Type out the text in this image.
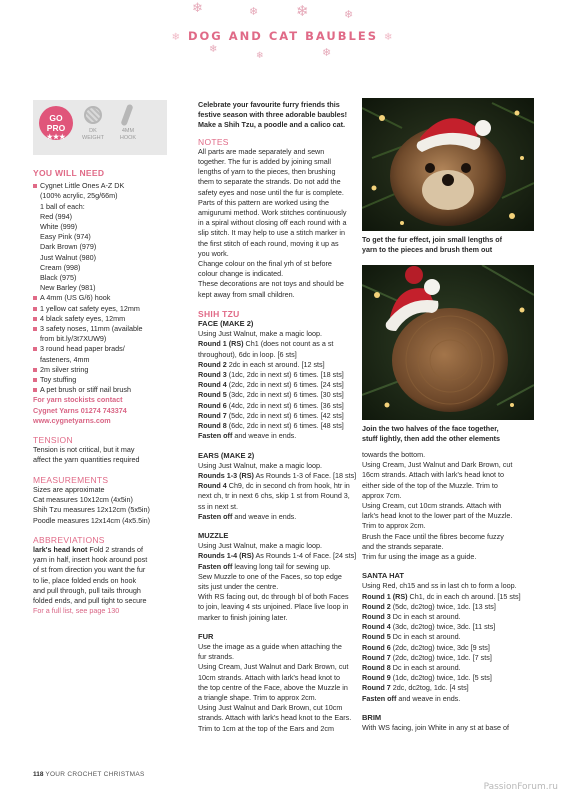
❄	❄	❄	❄
❄	❄	❄
❄ DOG AND CAT BAUBLES ❄
GO
PRO
★★★
DK
WEIGHT
4MM
HOOK
YOU WILL NEED
Cygnet Little Ones A-Z DK
(100% acrylic, 25g/66m)
1 ball of each:
Red (994)
White (999)
Easy Pink (974)
Dark Brown (979)
Just Walnut (980)
Cream (998)
Black (975)
New Barley (981)
A 4mm (US G/6) hook
1 yellow cat safety eyes, 12mm
4 black safety eyes, 12mm
3 safety noses, 11mm (available
from bit.ly/3t7XUW9)
3 round head paper brads/
fasteners, 4mm
2m silver string
Toy stuffing
A pet brush or stiff nail brush
For yarn stockists contact
Cygnet Yarns 01274 743374
www.cygnetyarns.com
TENSION
Tension is not critical, but it may
affect the yarn quantities required
MEASUREMENTS
Sizes are approximate
Cat measures 10x12cm (4x5in)
Shih Tzu measures 12x12cm (5x5in)
Poodle measures 12x14cm (4x5.5in)
ABBREVIATIONS
lark's head knot Fold 2 strands of
yarn in half, insert hook around post
of st from direction you want the fur
to lie, place folded ends on hook
and pull through, pull tails through
folded ends, and pull tight to secure
For a full list, see page 130
Celebrate your favourite furry friends this
festive season with three adorable baubles!
Make a Shih Tzu, a poodle and a calico cat.
NOTES
All parts are made separately and sewn
together. The fur is added by joining small
lengths of yarn to the pieces, then brushing
them to separate the strands. Do not add the
safety eyes and nose until the fur is complete.
Parts of this pattern are worked using the
amigurumi method. Work stitches continuously
in a spiral without closing off each round with a
slip stitch. It may help to use a stitch marker in
the first stitch of each round, moving it up as
you work.
Change colour on the final yrh of st before
colour change is indicated.
These decorations are not toys and should be
kept away from small children.
SHIH TZU
FACE (MAKE 2)
Using Just Walnut, make a magic loop.
Round 1 (RS) Ch1 (does not count as a st
throughout), 6dc in loop. [6 sts]
Round 2 2dc in each st around. [12 sts]
Round 3 (1dc, 2dc in next st) 6 times. [18 sts]
Round 4 (2dc, 2dc in next st) 6 times. [24 sts]
Round 5 (3dc, 2dc in next st) 6 times. [30 sts]
Round 6 (4dc, 2dc in next st) 6 times. [36 sts]
Round 7 (5dc, 2dc in next st) 6 times. [42 sts]
Round 8 (6dc, 2dc in next st) 6 times. [48 sts]
Fasten off and weave in ends.
EARS (MAKE 2)
Using Just Walnut, make a magic loop.
Rounds 1-3 (RS) As Rounds 1-3 of Face. [18 sts]
Round 4 Ch9, dc in second ch from hook, htr in
next ch, tr in next 6 chs, skip 1 st from Round 3,
ss in next st.
Fasten off and weave in ends.
MUZZLE
Using Just Walnut, make a magic loop.
Rounds 1-4 (RS) As Rounds 1-4 of Face. [24 sts]
Fasten off leaving long tail for sewing up.
Sew Muzzle to one of the Faces, so top edge
sits just under the centre.
With RS facing out, dc through bl of both Faces
to join, leaving 4 sts unjoined. Place live loop in
marker to finish joining later.
FUR
Use the image as a guide when attaching the
fur strands.
Using Cream, Just Walnut and Dark Brown, cut
10cm strands. Attach with lark's head knot to
the top centre of the Face, above the Muzzle in
a triangle shape. Trim to approx 2cm.
Using Just Walnut and Dark Brown, cut 10cm
strands. Attach with lark's head knot to the Ears.
Trim to 1cm at the top of the Ears and 2cm
To get the fur effect, join small lengths of
yarn to the pieces and brush them out
Join the two halves of the face together,
stuff lightly, then add the other elements
towards the bottom.
Using Cream, Just Walnut and Dark Brown, cut
16cm strands. Attach with lark's head knot to
either side of the top of the Muzzle. Trim to
approx 7cm.
Using Cream, cut 10cm strands. Attach with
lark's head knot to the lower part of the Muzzle.
Trim to approx 2cm.
Brush the Face until the fibres become fuzzy
and the strands separate.
Trim fur using the image as a guide.
SANTA HAT
Using Red, ch15 and ss in last ch to form a loop.
Round 1 (RS) Ch1, dc in each ch around. [15 sts]
Round 2 (5dc, dc2tog) twice, 1dc. [13 sts]
Round 3 Dc in each st around.
Round 4 (3dc, dc2tog) twice, 3dc. [11 sts]
Round 5 Dc in each st around.
Round 6 (2dc, dc2tog) twice, 3dc [9 sts]
Round 7 (2dc, dc2tog) twice, 1dc. [7 sts]
Round 8 Dc in each st around.
Round 9 (1dc, dc2tog) twice, 1dc. [5 sts]
Round 7 2dc, dc2tog, 1dc. [4 sts]
Fasten off and weave in ends.
BRIM
With WS facing, join White in any st at base of
118 YOUR CROCHET CHRISTMAS
PassionForum.ru
